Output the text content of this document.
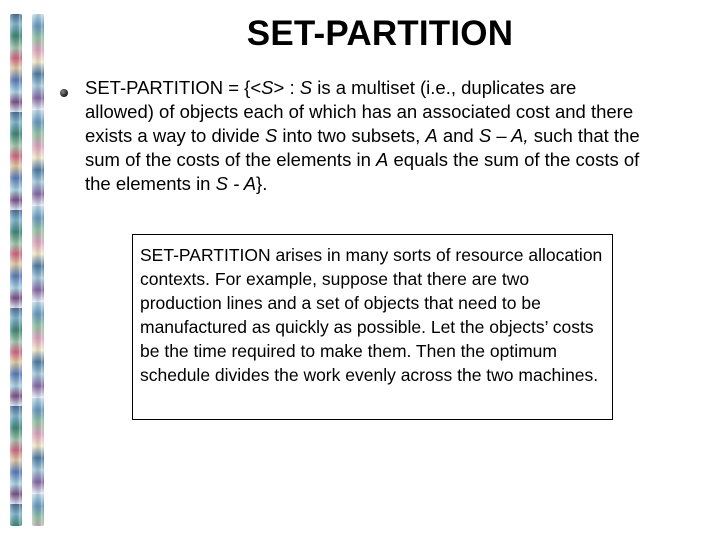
SET-PARTITION

SET-PARTITION = {<S> : S is a multiset (i.e., duplicates are allowed) of objects each of which has an associated cost and there exists a way to divide S into two subsets, A and S – A, such that the sum of the costs of the elements in A equals the sum of the costs of the elements in S - A}.

SET-PARTITION arises in many sorts of resource allocation contexts. For example, suppose that there are two production lines and a set of objects that need to be manufactured as quickly as possible. Let the objects’ costs be the time required to make them. Then the optimum schedule divides the work evenly across the two machines.
